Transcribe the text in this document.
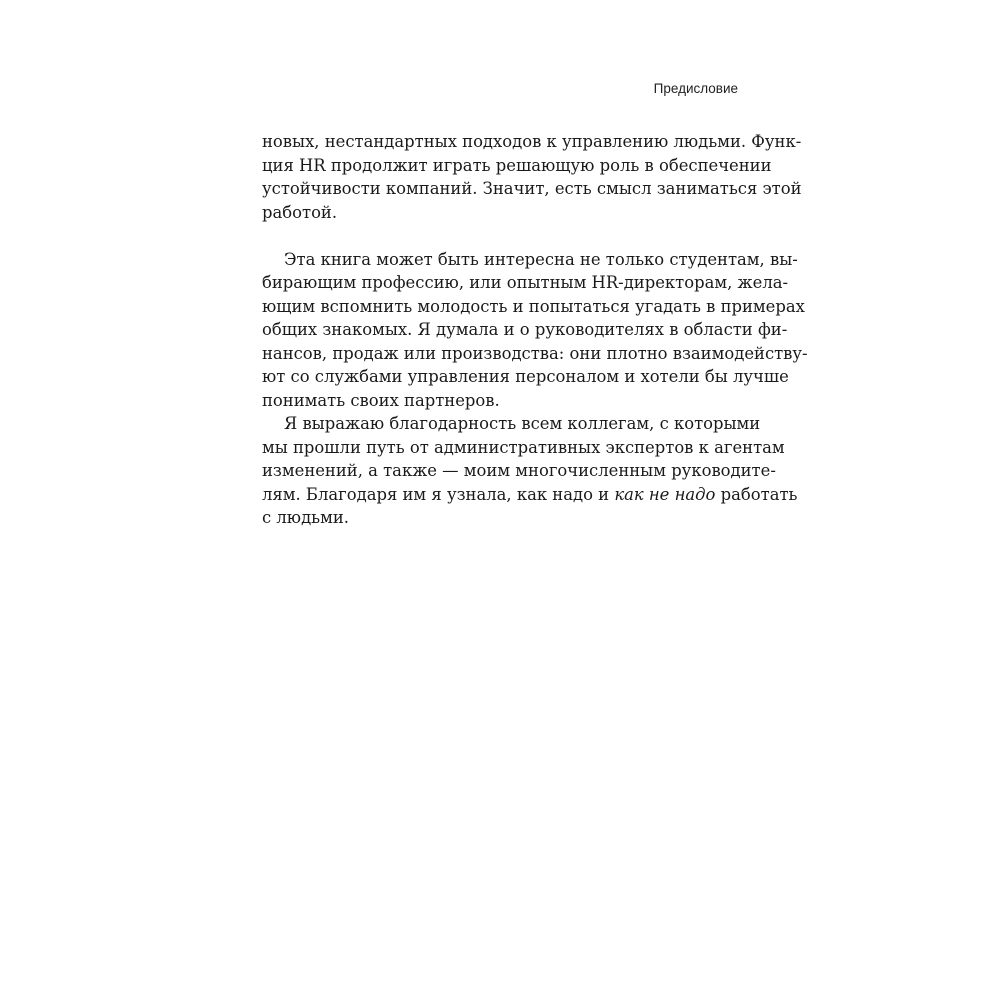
Предисловие
новых, нестандартных подходов к управлению людьми. Функ-
ция HR продолжит играть решающую роль в обеспечении
устойчивости компаний. Значит, есть смысл заниматься этой
работой.
Эта книга может быть интересна не только студентам, вы-
бирающим профессию, или опытным HR-директорам, жела-
ющим вспомнить молодость и попытаться угадать в примерах
общих знакомых. Я думала и о руководителях в области фи-
нансов, продаж или производства: они плотно взаимодейству-
ют со службами управления персоналом и хотели бы лучше
понимать своих партнеров.
Я выражаю благодарность всем коллегам, с которыми
мы прошли путь от административных экспертов к агентам
изменений, а также — моим многочисленным руководите-
лям. Благодаря им я узнала, как надо и как не надо работать
с людьми.
